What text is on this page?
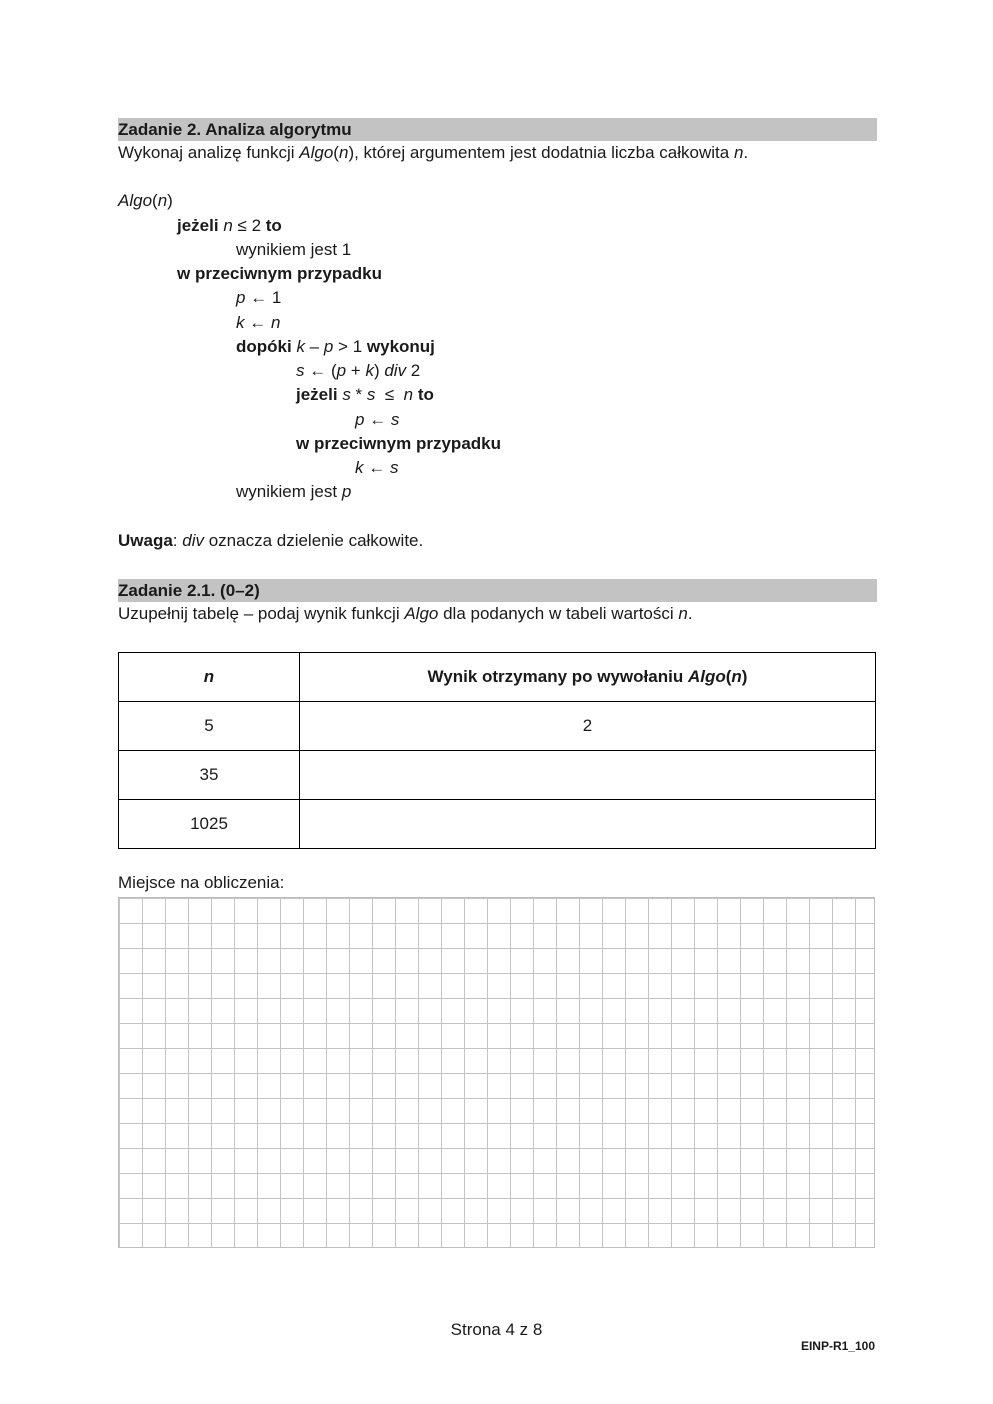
Zadanie 2. Analiza algorytmu
Wykonaj analizę funkcji Algo(n), której argumentem jest dodatnia liczba całkowita n.
Algo(n)
jeżeli n ≤ 2 to
wynikiem jest 1
w przeciwnym przypadku
p ← 1
k ← n
dopóki k – p > 1 wykonuj
s ← (p + k) div 2
jeżeli s * s  ≤  n to
p ← s
w przeciwnym przypadku
k ← s
wynikiem jest p
Uwaga: div oznacza dzielenie całkowite.
Zadanie 2.1. (0–2)
Uzupełnij tabelę – podaj wynik funkcji Algo dla podanych w tabeli wartości n.
n	Wynik otrzymany po wywołaniu Algo(n)
5	2
35	
1025	
Miejsce na obliczenia:
Strona 4 z 8
EINP-R1_100
